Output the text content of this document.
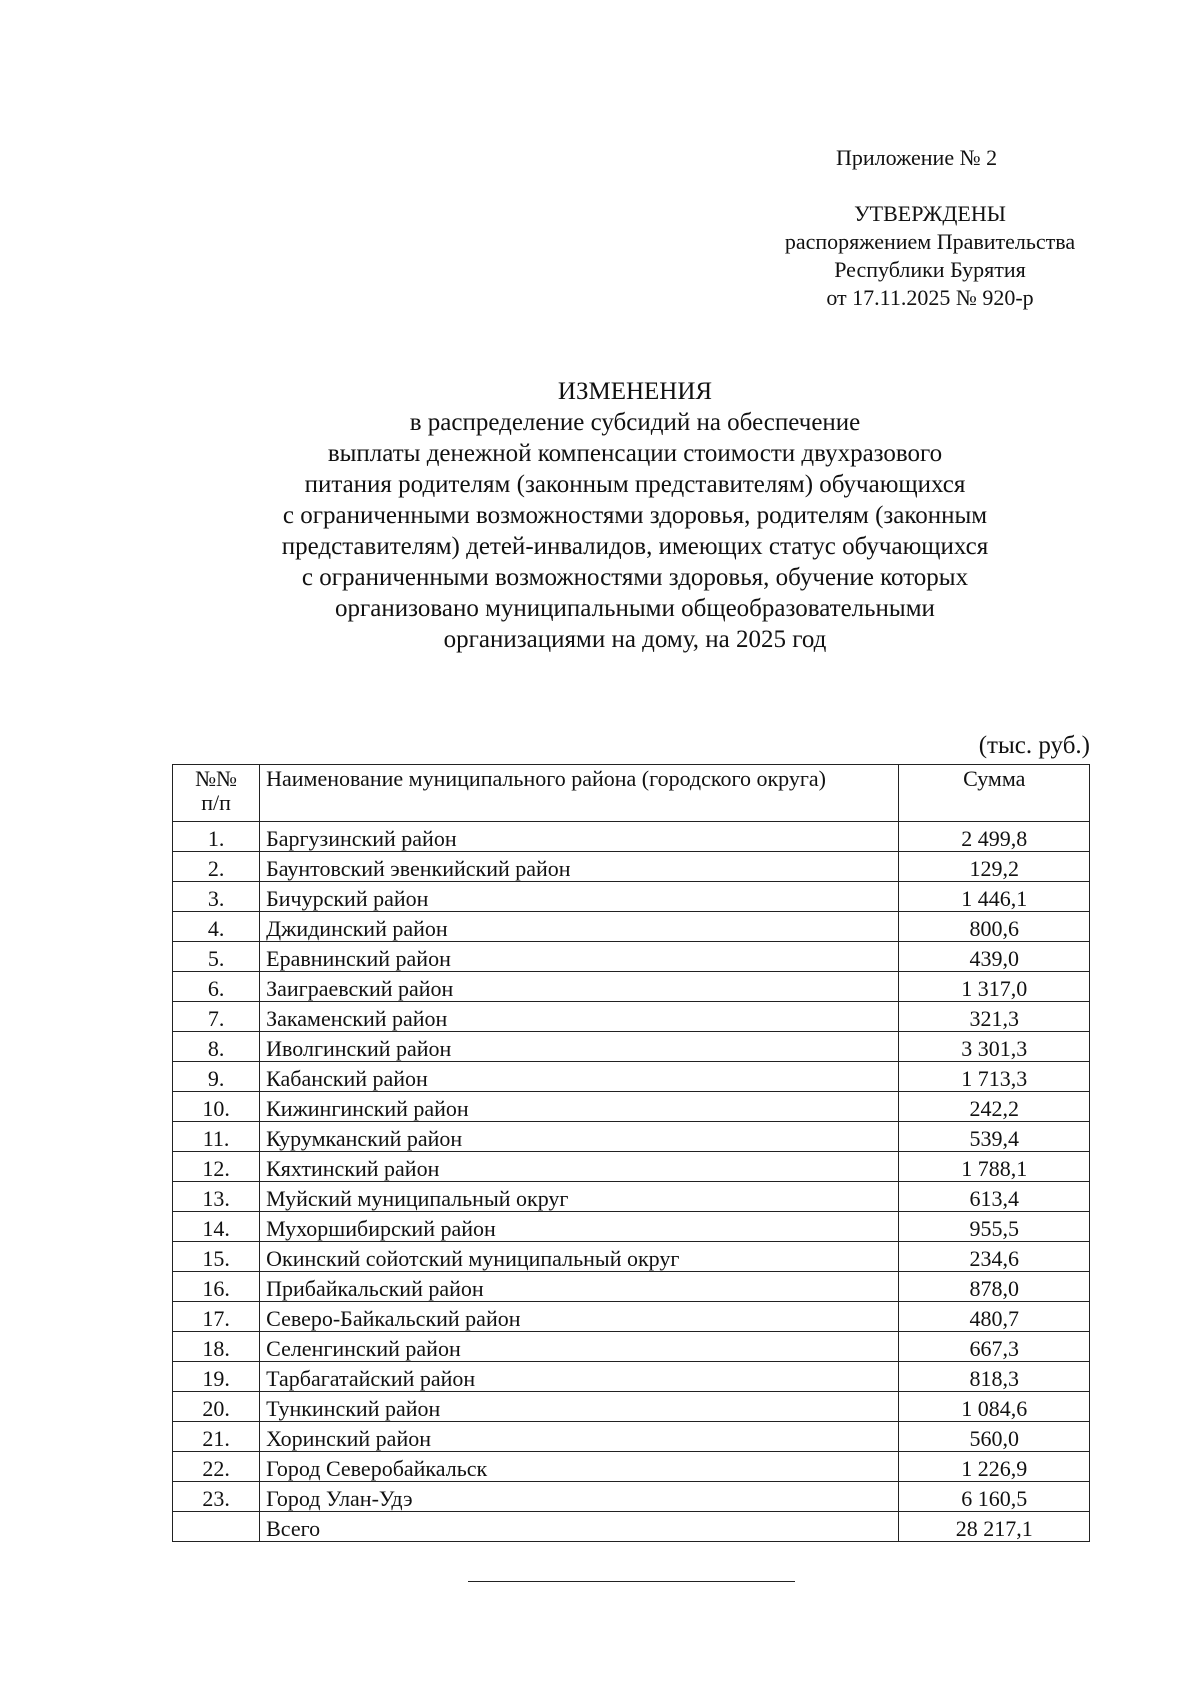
Приложение № 2
УТВЕРЖДЕНЫ
распоряжением Правительства
Республики Бурятия
от 17.11.2025 № 920-р
ИЗМЕНЕНИЯ
в распределение субсидий на обеспечение
выплаты денежной компенсации стоимости двухразового
питания родителям (законным представителям) обучающихся
с ограниченными возможностями здоровья, родителям (законным
представителям) детей-инвалидов, имеющих статус обучающихся
с ограниченными возможностями здоровья, обучение которых
организовано муниципальными общеобразовательными
организациями на дому, на 2025 год
(тыс. руб.)
№№
п/п	Наименование муниципального района (городского округа)	Сумма
1.	Баргузинский район	2 499,8
2.	Баунтовский эвенкийский район	129,2
3.	Бичурский район	1 446,1
4.	Джидинский район	800,6
5.	Еравнинский район	439,0
6.	Заиграевский район	1 317,0
7.	Закаменский район	321,3
8.	Иволгинский район	3 301,3
9.	Кабанский район	1 713,3
10.	Кижингинский район	242,2
11.	Курумканский район	539,4
12.	Кяхтинский район	1 788,1
13.	Муйский муниципальный округ	613,4
14.	Мухоршибирский район	955,5
15.	Окинский сойотский муниципальный округ	234,6
16.	Прибайкальский район	878,0
17.	Северо-Байкальский район	480,7
18.	Селенгинский район	667,3
19.	Тарбагатайский район	818,3
20.	Тункинский район	1 084,6
21.	Хоринский район	560,0
22.	Город Северобайкальск	1 226,9
23.	Город Улан-Удэ	6 160,5
	Всего	28 217,1
